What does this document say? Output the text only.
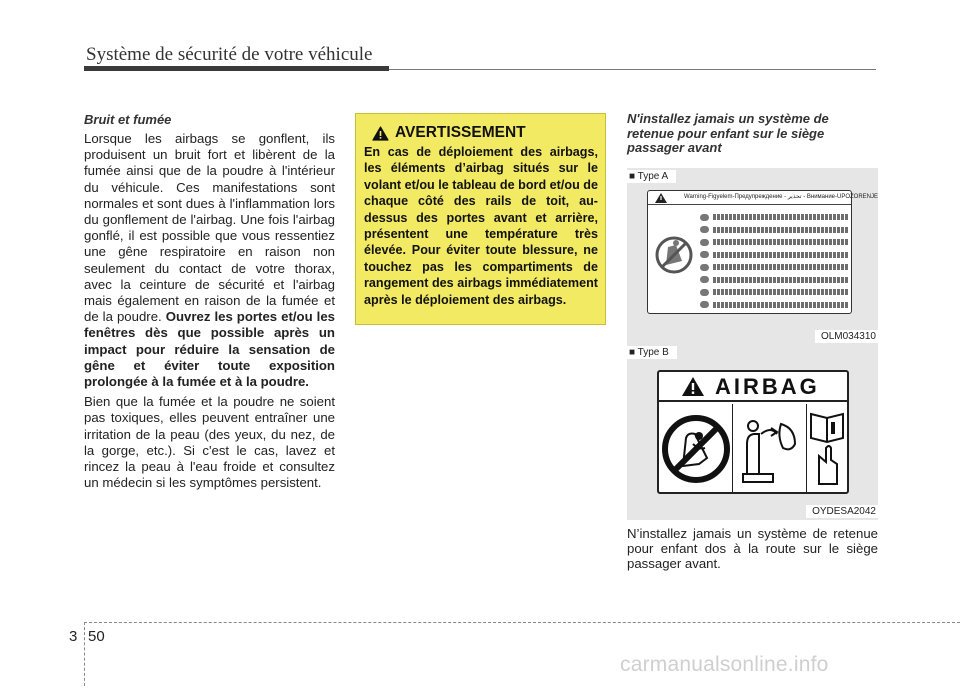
Système de sécurité de votre véhicule
Bruit et fumée

Lorsque les airbags se gonflent, ils produisent un bruit fort et libèrent de la fumée ainsi que de la poudre à l'intérieur du véhicule. Ces manifestations sont normales et sont dues à l'inflammation lors du gonflement de l'airbag. Une fois l'airbag gonflé, il est possible que vous ressentiez une gêne respiratoire en raison non seulement du contact de votre thorax, avec la ceinture de sécurité et l'airbag mais également en raison de la fumée et de la poudre. Ouvrez les portes et/ou les fenêtres dès que possible après un impact pour réduire la sensation de gêne et éviter toute exposition prolongée à la fumée et à la poudre.

Bien que la fumée et la poudre ne soient pas toxiques, elles peuvent entraîner une irritation de la peau (des yeux, du nez, de la gorge, etc.). Si c'est le cas, lavez et rincez la peau à l'eau froide et consultez un médecin si les symptômes persistent.

AVERTISSEMENT

En cas de déploiement des airbags, les éléments d’airbag situés sur le volant et/ou le tableau de bord et/ou de chaque côté des rails de toit, au-dessus des portes avant et arrière, présentent une température très élevée. Pour éviter toute blessure, ne touchez pas les compartiments de rangement des airbags immédiatement après le déploiement des airbags.

N'installez jamais un système de retenue pour enfant sur le siège passager avant
■ Type A
Warning-Figyelem-Предупреждение - تحذير - Внимание-UPOZORENJE
OLM034310
■ Type B
AIRBAG
OYDESA2042

N’installez jamais un système de retenue pour enfant dos à la route sur le siège passager avant.

3 50
carmanualsonline.info
